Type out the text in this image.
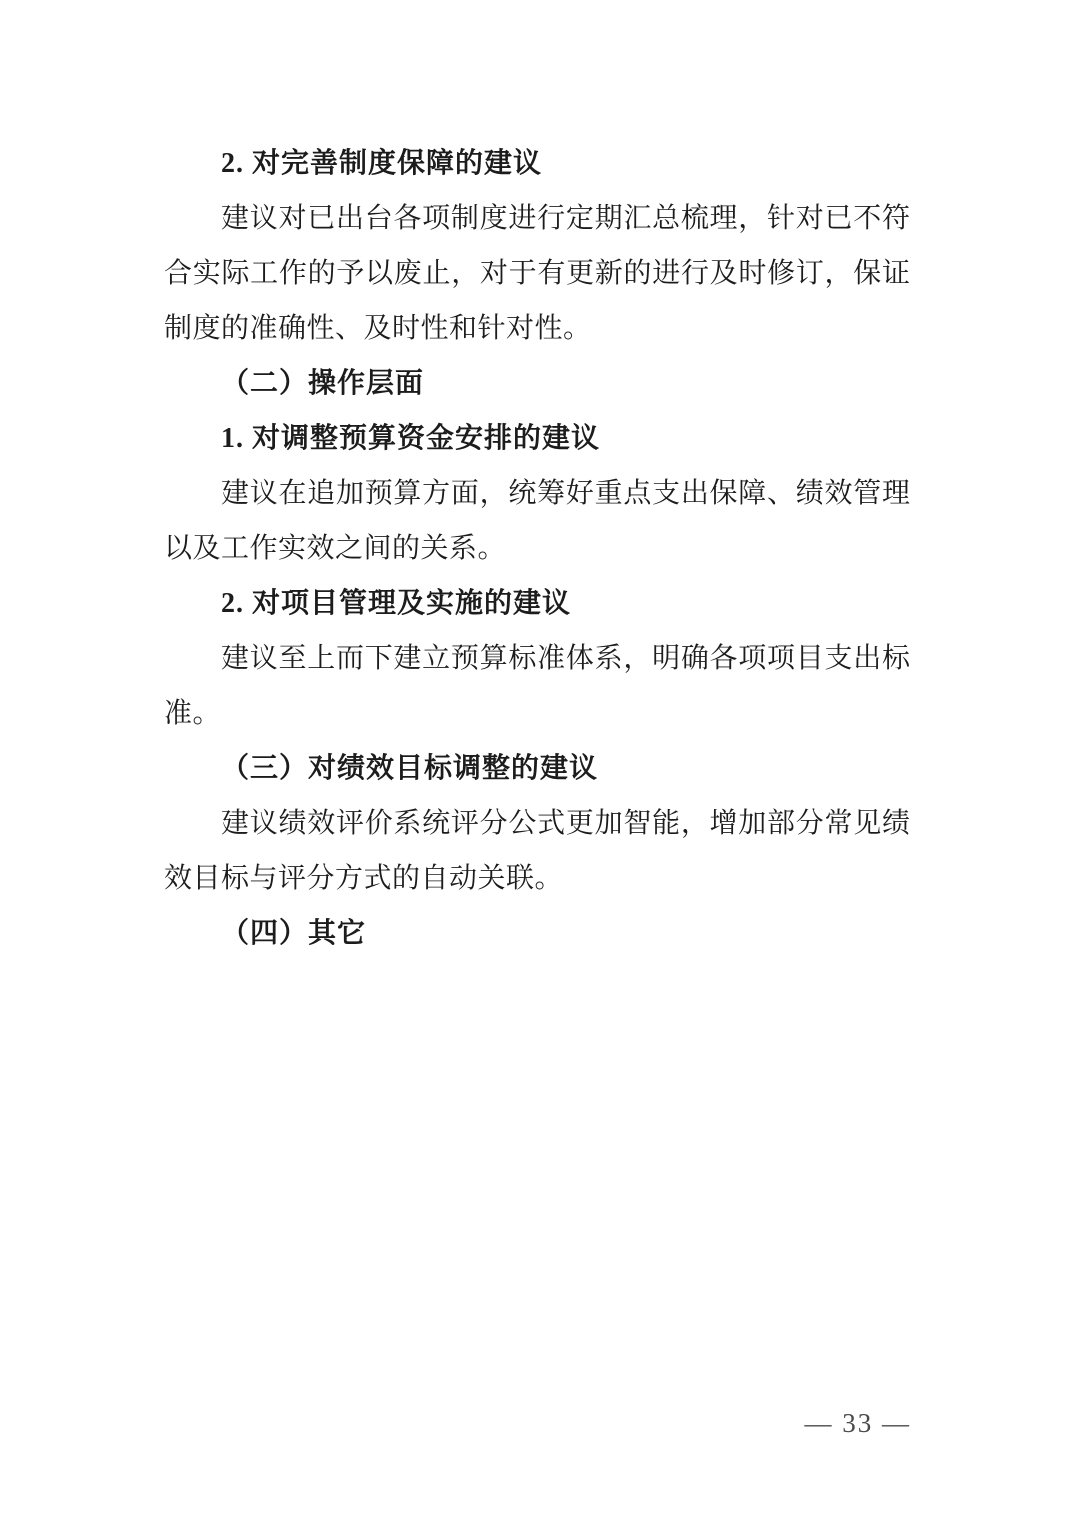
2. 对完善制度保障的建议
建议对已出台各项制度进行定期汇总梳理，针对已不符
合实际工作的予以废止，对于有更新的进行及时修订，保证
制度的准确性、及时性和针对性。
（二）操作层面
1. 对调整预算资金安排的建议
建议在追加预算方面，统筹好重点支出保障、绩效管理
以及工作实效之间的关系。
2. 对项目管理及实施的建议
建议至上而下建立预算标准体系，明确各项项目支出标
准。
（三）对绩效目标调整的建议
建议绩效评价系统评分公式更加智能，增加部分常见绩
效目标与评分方式的自动关联。
（四）其它
— 33 —
